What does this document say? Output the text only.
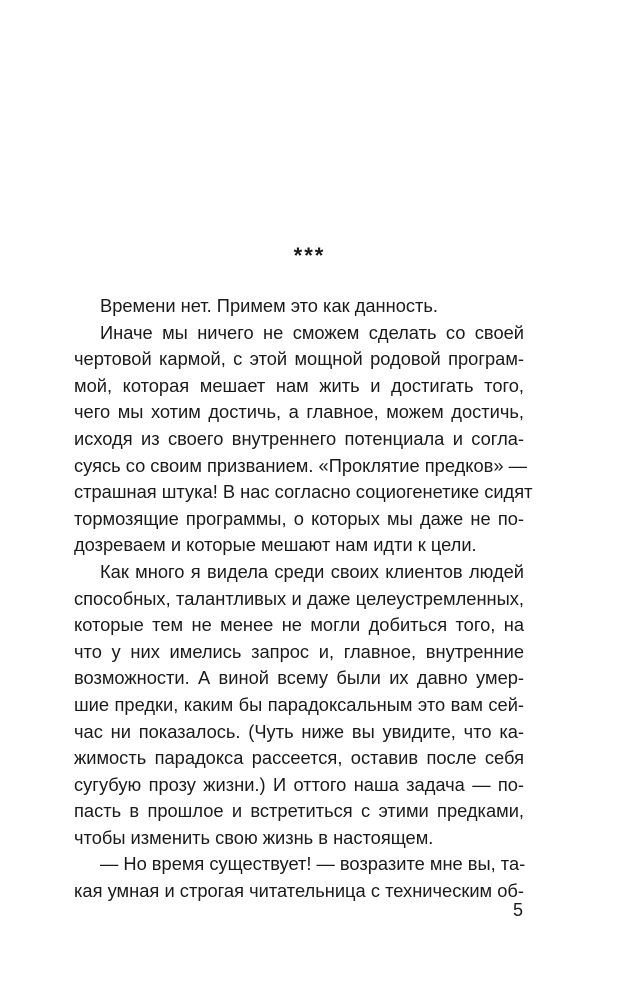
***
Времени нет. Примем это как данность.
Иначе мы ничего не сможем сделать со своей
чертовой кармой, с этой мощной родовой програм-
мой, которая мешает нам жить и достигать того,
чего мы хотим достичь, а главное, можем достичь,
исходя из своего внутреннего потенциала и согла-
суясь со своим призванием. «Проклятие предков» —
страшная штука! В нас согласно социогенетике сидят
тормозящие программы, о которых мы даже не по-
дозреваем и которые мешают нам идти к цели.
Как много я видела среди своих клиентов людей
способных, талантливых и даже целеустремленных,
которые тем не менее не могли добиться того, на
что у них имелись запрос и, главное, внутренние
возможности. А виной всему были их давно умер-
шие предки, каким бы парадоксальным это вам сей-
час ни показалось. (Чуть ниже вы увидите, что ка-
жимость парадокса рассеется, оставив после себя
сугубую прозу жизни.) И оттого наша задача — по-
пасть в прошлое и встретиться с этими предками,
чтобы изменить свою жизнь в настоящем.
— Но время существует! — возразите мне вы, та-
кая умная и строгая читательница с техническим об-
5
